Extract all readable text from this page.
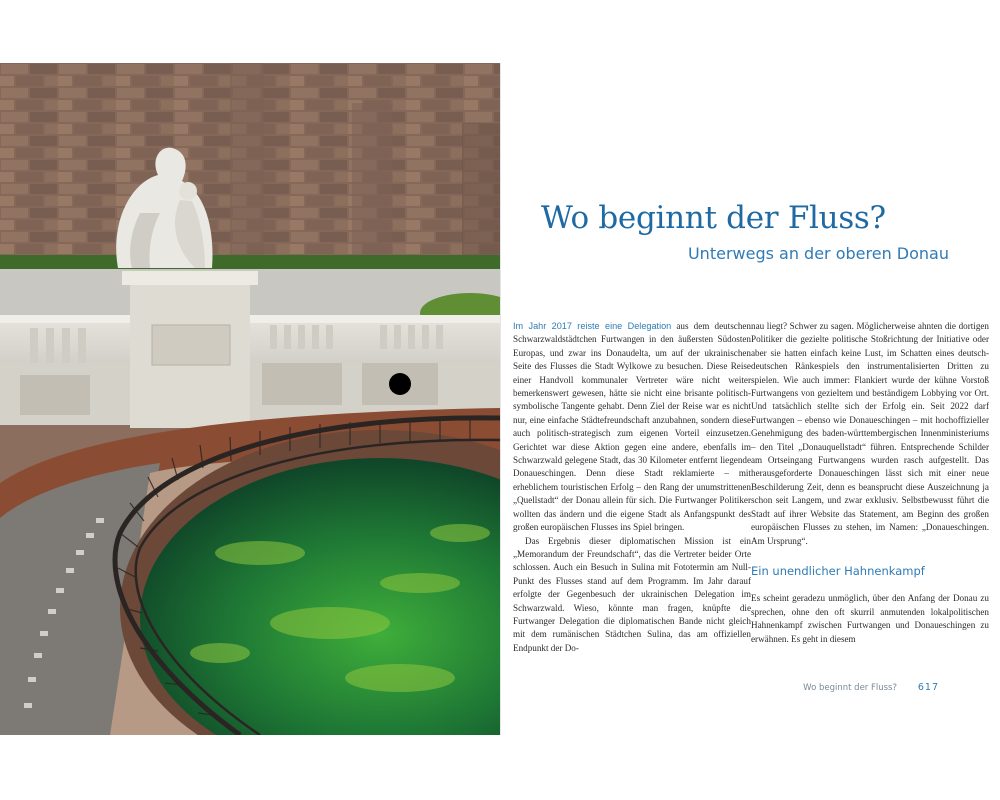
Wo beginnt der Fluss?
Unterwegs an der oberen Donau

Im Jahr 2017 reiste eine Delegation aus dem deutschen Schwarzwaldstädtchen Furtwangen in den äußersten Südosten Europas, und zwar ins Donaudelta, um auf der ukrainischen Seite des Flusses die Stadt Wylkowe zu besuchen. Diese Reise einer Handvoll kommunaler Vertreter wäre nicht weiter bemerkenswert gewesen, hätte sie nicht eine brisante politisch-symbolische Tangente gehabt. Denn Ziel der Reise war es nicht nur, eine einfache Städtefreundschaft anzubahnen, sondern diese auch politisch-strategisch zum eigenen Vorteil einzusetzen. Gerichtet war diese Aktion gegen eine andere, ebenfalls im Schwarzwald gelegene Stadt, das 30 Kilometer entfernt liegende Donaueschingen. Denn diese Stadt reklamierte – mit erheblichem touristischen Erfolg – den Rang der unumstrittenen „Quellstadt“ der Donau allein für sich. Die Furtwanger Politiker wollten das ändern und die eigene Stadt als Anfangspunkt des großen europäischen Flusses ins Spiel bringen.

Das Ergebnis dieser diplomatischen Mission ist ein „Memorandum der Freundschaft“, das die Vertreter beider Orte schlossen. Auch ein Besuch in Sulina mit Fototermin am Null-Punkt des Flusses stand auf dem Programm. Im Jahr darauf erfolgte der Gegenbesuch der ukrainischen Delegation im Schwarzwald. Wieso, könnte man fragen, knüpfte die Furtwanger Delegation die diplomatischen Bande nicht gleich mit dem rumänischen Städtchen Sulina, das am offiziellen Endpunkt der Do-

nau liegt? Schwer zu sagen. Möglicherweise ahnten die dortigen Politiker die gezielte politische Stoßrichtung der Initiative oder aber sie hatten einfach keine Lust, im Schatten eines deutsch-deutschen Ränkespiels den instrumentalisierten Dritten zu spielen. Wie auch immer: Flankiert wurde der kühne Vorstoß Furtwangens von gezieltem und beständigem Lobbying vor Ort. Und tatsächlich stellte sich der Erfolg ein. Seit 2022 darf Furtwangen – ebenso wie Donaueschingen – mit hochoffizieller Genehmigung des baden-württembergischen Innenministeriums – den Titel „Donauquellstadt“ führen. Entsprechende Schilder am Ortseingang Furtwangens wurden rasch aufgestellt. Das herausgeforderte Donaueschingen lässt sich mit einer neue Beschilderung Zeit, denn es beansprucht diese Auszeichnung ja schon seit Langem, und zwar exklusiv. Selbstbewusst führt die Stadt auf ihrer Website das Statement, am Beginn des großen europäischen Flusses zu stehen, im Namen: „Donaueschingen. Am Ursprung“.

Ein unendlicher Hahnenkampf

Es scheint geradezu unmöglich, über den Anfang der Donau zu sprechen, ohne den oft skurril anmutenden lokalpolitischen Hahnenkampf zwischen Furtwangen und Donaueschingen zu erwähnen. Es geht in diesem

Wo beginnt der Fluss? 617
